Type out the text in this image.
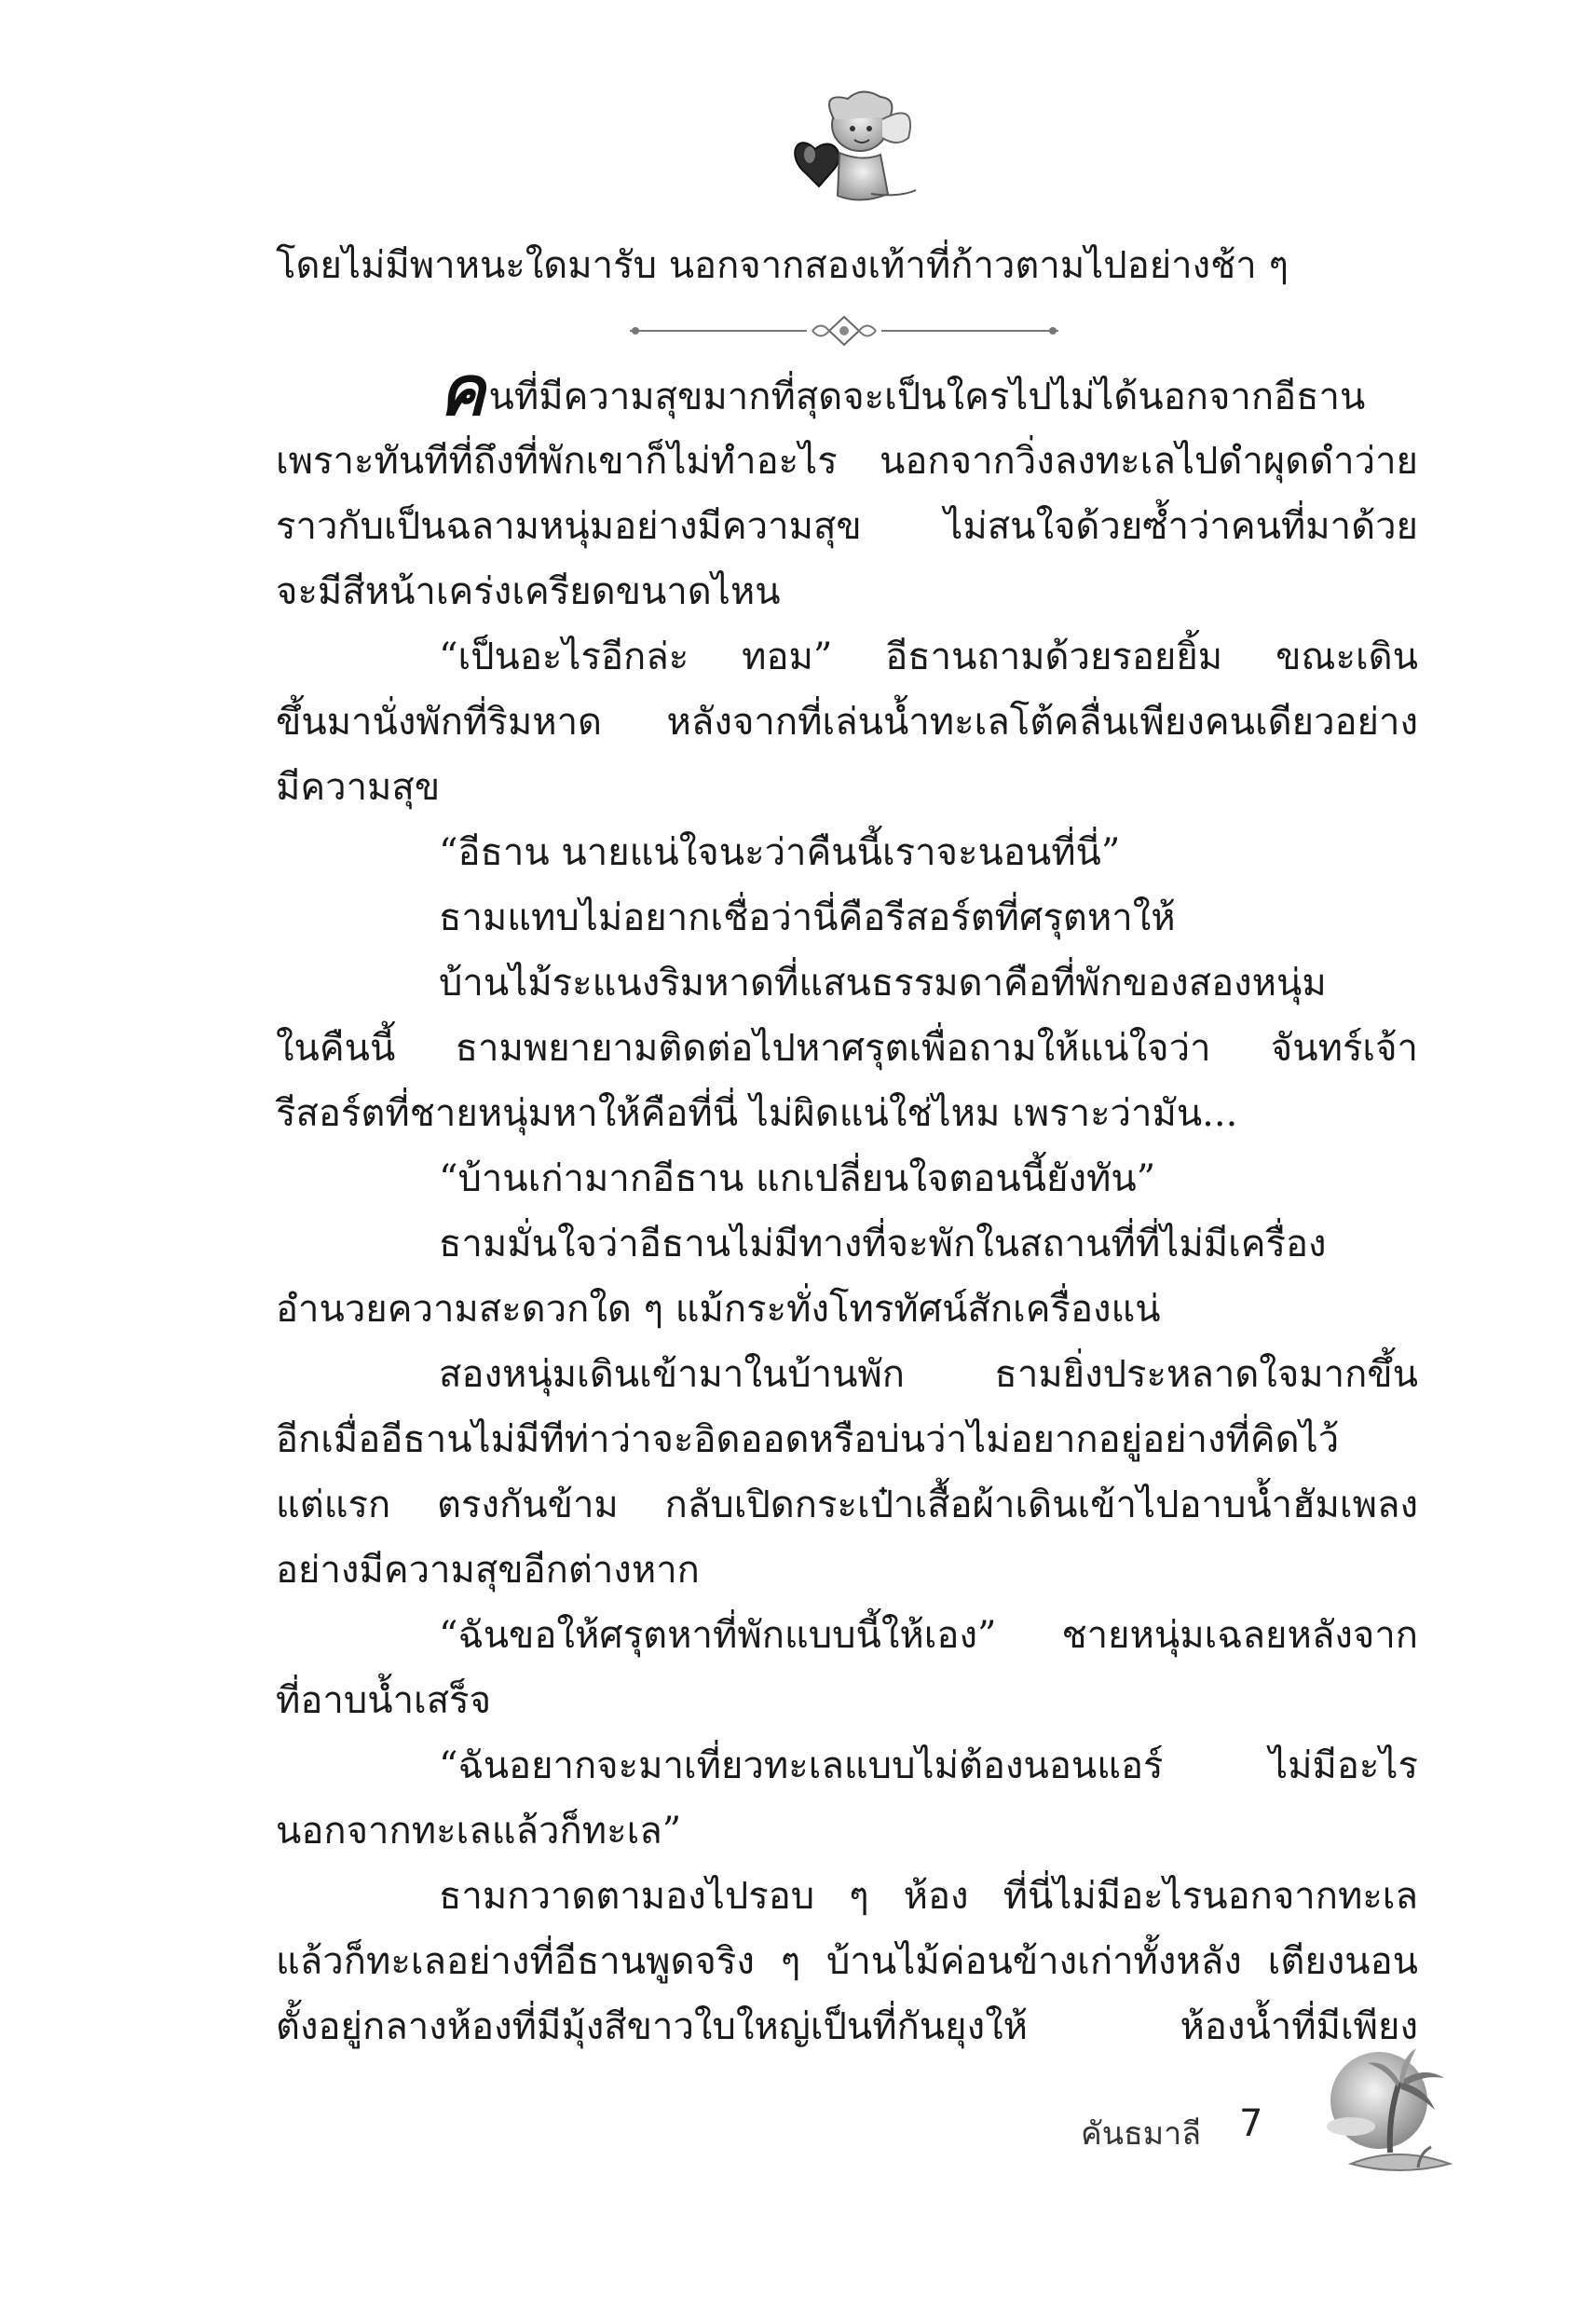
โดยไม่มีพาหนะใดมารับ นอกจากสองเท้าที่ก้าวตามไปอย่างช้า ๆ
คนที่มีความสุขมากที่สุดจะเป็นใครไปไม่ได้นอกจากอีธาน
เพราะทันทีที่ถึงที่พักเขาก็ไม่ทำอะไร นอกจากวิ่งลงทะเลไปดำผุดดำว่าย
ราวกับเป็นฉลามหนุ่มอย่างมีความสุข ไม่สนใจด้วยซ้ำว่าคนที่มาด้วย
จะมีสีหน้าเคร่งเครียดขนาดไหน
“เป็นอะไรอีกล่ะ ทอม” อีธานถามด้วยรอยยิ้ม ขณะเดิน
ขึ้นมานั่งพักที่ริมหาด หลังจากที่เล่นน้ำทะเลโต้คลื่นเพียงคนเดียวอย่าง
มีความสุข
“อีธาน นายแน่ใจนะว่าคืนนี้เราจะนอนที่นี่”
ธามแทบไม่อยากเชื่อว่านี่คือรีสอร์ตที่ศรุตหาให้
บ้านไม้ระแนงริมหาดที่แสนธรรมดาคือที่พักของสองหนุ่ม
ในคืนนี้ ธามพยายามติดต่อไปหาศรุตเพื่อถามให้แน่ใจว่า จันทร์เจ้า
รีสอร์ตที่ชายหนุ่มหาให้คือที่นี่ ไม่ผิดแน่ใช่ไหม เพราะว่ามัน...
“บ้านเก่ามากอีธาน แกเปลี่ยนใจตอนนี้ยังทัน”
ธามมั่นใจว่าอีธานไม่มีทางที่จะพักในสถานที่ที่ไม่มีเครื่อง
อำนวยความสะดวกใด ๆ แม้กระทั่งโทรทัศน์สักเครื่องแน่
สองหนุ่มเดินเข้ามาในบ้านพัก ธามยิ่งประหลาดใจมากขึ้น
อีกเมื่ออีธานไม่มีทีท่าว่าจะอิดออดหรือบ่นว่าไม่อยากอยู่อย่างที่คิดไว้
แต่แรก ตรงกันข้าม กลับเปิดกระเป๋าเสื้อผ้าเดินเข้าไปอาบน้ำฮัมเพลง
อย่างมีความสุขอีกต่างหาก
“ฉันขอให้ศรุตหาที่พักแบบนี้ให้เอง” ชายหนุ่มเฉลยหลังจาก
ที่อาบน้ำเสร็จ
“ฉันอยากจะมาเที่ยวทะเลแบบไม่ต้องนอนแอร์ ไม่มีอะไร
นอกจากทะเลแล้วก็ทะเล”
ธามกวาดตามองไปรอบ ๆ ห้อง ที่นี่ไม่มีอะไรนอกจากทะเล
แล้วก็ทะเลอย่างที่อีธานพูดจริง ๆ บ้านไม้ค่อนข้างเก่าทั้งหลัง เตียงนอน
ตั้งอยู่กลางห้องที่มีมุ้งสีขาวใบใหญ่เป็นที่กันยุงให้ ห้องน้ำที่มีเพียง
คันธมาลี 7
